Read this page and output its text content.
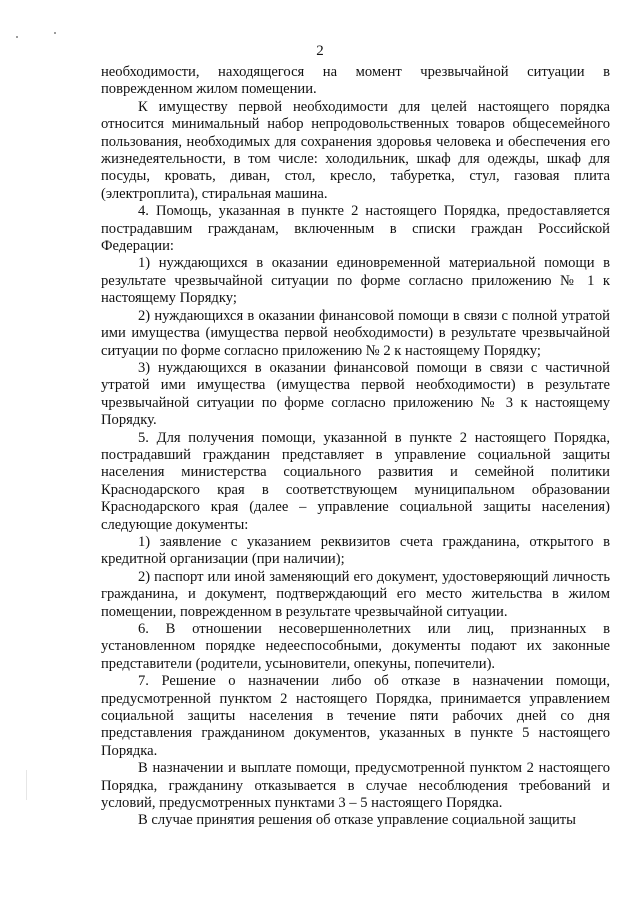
2

необходимости, находящегося на момент чрезвычайной ситуации в поврежденном жилом помещении.

К имуществу первой необходимости для целей настоящего порядка относится минимальный набор непродовольственных товаров общесемейного пользования, необходимых для сохранения здоровья человека и обеспечения его жизнедеятельности, в том числе: холодильник, шкаф для одежды, шкаф для посуды, кровать, диван, стол, кресло, табуретка, стул, газовая плита (электроплита), стиральная машина.

4. Помощь, указанная в пункте 2 настоящего Порядка, предоставляется пострадавшим гражданам, включенным в списки граждан Российской Федерации:

1) нуждающихся в оказании единовременной материальной помощи в результате чрезвычайной ситуации по форме согласно приложению № 1 к настоящему Порядку;

2) нуждающихся в оказании финансовой помощи в связи с полной утратой ими имущества (имущества первой необходимости) в результате чрезвычайной ситуации по форме согласно приложению № 2 к настоящему Порядку;

3) нуждающихся в оказании финансовой помощи в связи с частичной утратой ими имущества (имущества первой необходимости) в результате чрезвычайной ситуации по форме согласно приложению № 3 к настоящему Порядку.

5. Для получения помощи, указанной в пункте 2 настоящего Порядка, пострадавший гражданин представляет в управление социальной защиты населения министерства социального развития и семейной политики Краснодарского края в соответствующем муниципальном образовании Краснодарского края (далее – управление социальной защиты населения) следующие документы:

1) заявление с указанием реквизитов счета гражданина, открытого в кредитной организации (при наличии);

2) паспорт или иной заменяющий его документ, удостоверяющий личность гражданина, и документ, подтверждающий его место жительства в жилом помещении, поврежденном в результате чрезвычайной ситуации.

6. В отношении несовершеннолетних или лиц, признанных в установленном порядке недееспособными, документы подают их законные представители (родители, усыновители, опекуны, попечители).

7. Решение о назначении либо об отказе в назначении помощи, предусмотренной пунктом 2 настоящего Порядка, принимается управлением социальной защиты населения в течение пяти рабочих дней со дня представления гражданином документов, указанных в пункте 5 настоящего Порядка.

В назначении и выплате помощи, предусмотренной пунктом 2 настоящего Порядка, гражданину отказывается в случае несоблюдения требований и условий, предусмотренных пунктами 3 – 5 настоящего Порядка.

В случае принятия решения об отказе управление социальной защиты
